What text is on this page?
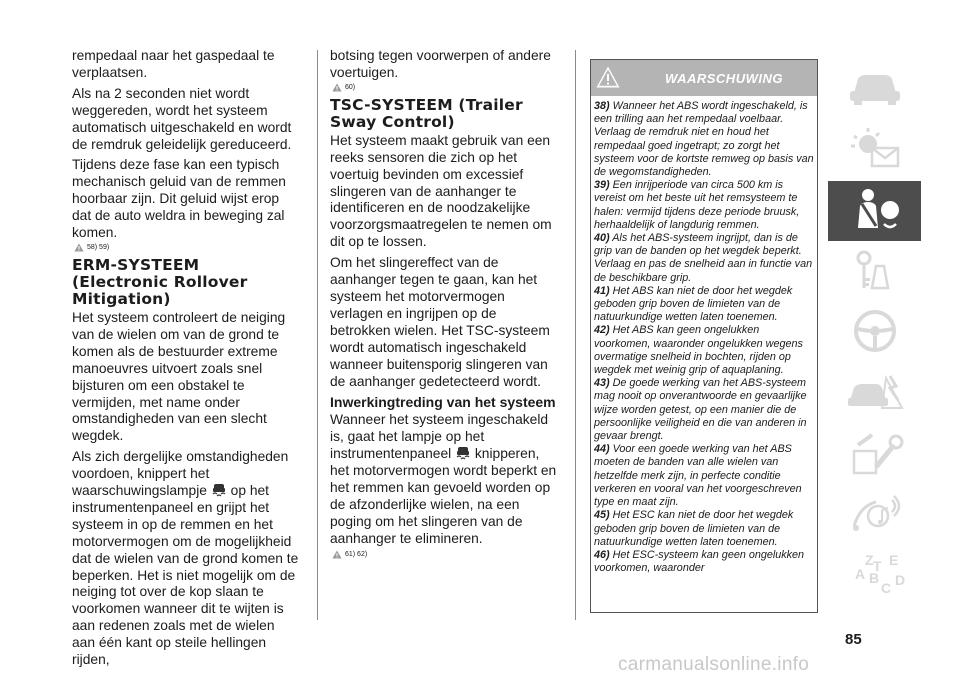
rempedaal naar het gaspedaal te verplaatsen.

Als na 2 seconden niet wordt weggereden, wordt het systeem automatisch uitgeschakeld en wordt de remdruk geleidelijk gereduceerd.

Tijdens deze fase kan een typisch mechanisch geluid van de remmen hoorbaar zijn. Dit geluid wijst erop dat de auto weldra in beweging zal komen.

58) 59)
ERM-SYSTEEM (Electronic Rollover Mitigation)

Het systeem controleert de neiging van de wielen om van de grond te komen als de bestuurder extreme manoeuvres uitvoert zoals snel bijsturen om een obstakel te vermijden, met name onder omstandigheden van een slecht wegdek.

Als zich dergelijke omstandigheden voordoen, knippert het waarschuwingslampje op het instrumentenpaneel en grijpt het systeem in op de remmen en het motorvermogen om de mogelijkheid dat de wielen van de grond komen te beperken. Het is niet mogelijk om de neiging tot over de kop slaan te voorkomen wanneer dit te wijten is aan redenen zoals met de wielen aan één kant op steile hellingen rijden,

botsing tegen voorwerpen of andere voertuigen.

60)
TSC-SYSTEEM (Trailer Sway Control)

Het systeem maakt gebruik van een reeks sensoren die zich op het voertuig bevinden om excessief slingeren van de aanhanger te identificeren en de noodzakelijke voorzorgsmaatregelen te nemen om dit op te lossen.

Om het slingereffect van de aanhanger tegen te gaan, kan het systeem het motorvermogen verlagen en ingrijpen op de betrokken wielen. Het TSC-systeem wordt automatisch ingeschakeld wanneer buitensporig slingeren van de aanhanger gedetecteerd wordt.

Inwerkingtreding van het systeem

Wanneer het systeem ingeschakeld is, gaat het lampje op het instrumentenpaneel knipperen, het motorvermogen wordt beperkt en het remmen kan gevoeld worden op de afzonderlijke wielen, na een poging om het slingeren van de aanhanger te elimineren.

61) 62)
WAARSCHUWING

38) Wanneer het ABS wordt ingeschakeld, is een trilling aan het rempedaal voelbaar. Verlaag de remdruk niet en houd het rempedaal goed ingetrapt; zo zorgt het systeem voor de kortste remweg op basis van de wegomstandigheden.

39) Een inrijperiode van circa 500 km is vereist om het beste uit het remsysteem te halen: vermijd tijdens deze periode bruusk, herhaaldelijk of langdurig remmen.

40) Als het ABS-systeem ingrijpt, dan is de grip van de banden op het wegdek beperkt. Verlaag en pas de snelheid aan in functie van de beschikbare grip.

41) Het ABS kan niet de door het wegdek geboden grip boven de limieten van de natuurkundige wetten laten toenemen.

42) Het ABS kan geen ongelukken voorkomen, waaronder ongelukken wegens overmatige snelheid in bochten, rijden op wegdek met weinig grip of aquaplaning.

43) De goede werking van het ABS-systeem mag nooit op onverantwoorde en gevaarlijke wijze worden getest, op een manier die de persoonlijke veiligheid en die van anderen in gevaar brengt.

44) Voor een goede werking van het ABS moeten de banden van alle wielen van hetzelfde merk zijn, in perfecte conditie verkeren en vooral van het voorgeschreven type en maat zijn.

45) Het ESC kan niet de door het wegdek geboden grip boven de limieten van de natuurkundige wetten laten toenemen.

46) Het ESC-systeem kan geen ongelukken voorkomen, waaronder

Z E
A B
C D
T
85
carmanualsonline.info
